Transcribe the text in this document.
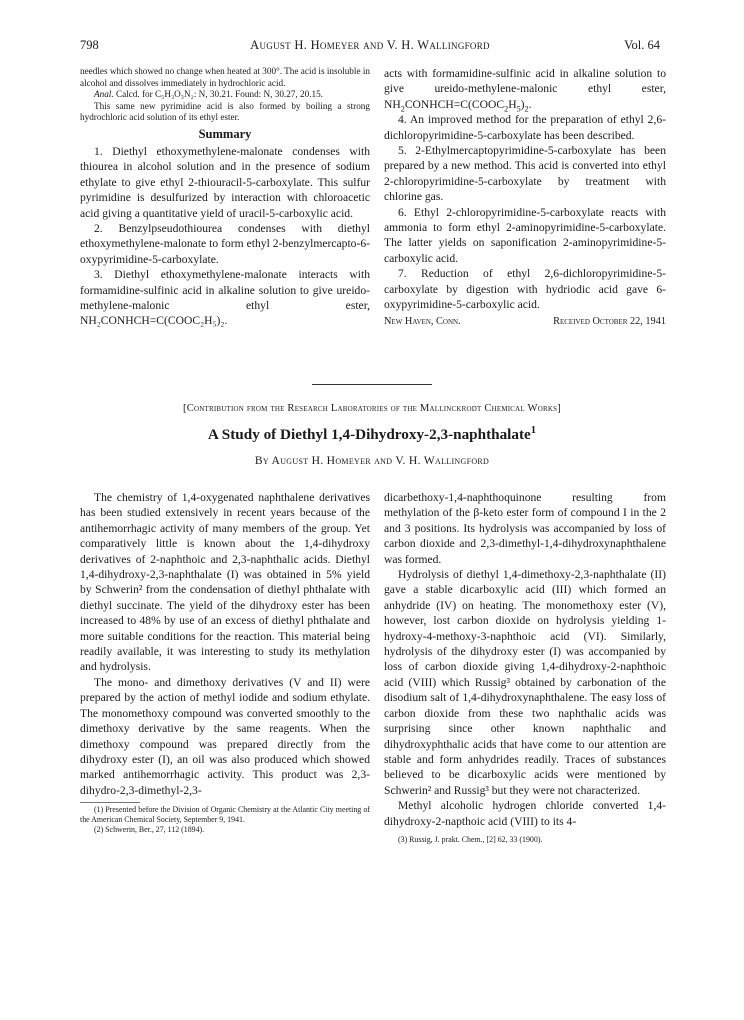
798	August H. Homeyer and V. H. Wallingford	Vol. 64

needles which showed no change when heated at 300°. The acid is insoluble in alcohol and dissolves immediately in hydrochloric acid.

Anal. Calcd. for C₅H₃O₃N₂: N, 30.21. Found: N, 30.27, 20.15.

This same new pyrimidine acid is also formed by boiling a strong hydrochloric acid solution of its ethyl ester.

Summary

1. Diethyl ethoxymethylene-malonate condenses with thiourea in alcohol solution and in the presence of sodium ethylate to give ethyl 2-thiouracil-5-carboxylate. This sulfur pyrimidine is desulfurized by interaction with chloroacetic acid giving a quantitative yield of uracil-5-carboxylic acid.

2. Benzylpseudothiourea condenses with diethyl ethoxymethylene-malonate to form ethyl 2-benzylmercapto-6-oxypyrimidine-5-carboxylate.

3. Diethyl ethoxymethylene-malonate interacts with formamidine-sulfinic acid in alkaline solution to give ureido-methylene-malonic ethyl ester, NH₂CONHCH=C(COOC₂H₅)₂.

acts with formamidine-sulfinic acid in alkaline solution to give ureido-methylene-malonic ethyl ester, $NH_2CONHCH=C(COOC_2H_5)_2$.

4. An improved method for the preparation of ethyl 2,6-dichloropyrimidine-5-carboxylate has been described.

5. 2-Ethylmercaptopyrimidine-5-carboxylate has been prepared by a new method. This acid is converted into ethyl 2-chloropyrimidine-5-carboxylate by treatment with chlorine gas.

6. Ethyl 2-chloropyrimidine-5-carboxylate reacts with ammonia to form ethyl 2-aminopyrimidine-5-carboxylate. The latter yields on saponification 2-aminopyrimidine-5-carboxylic acid.

7. Reduction of ethyl 2,6-dichloropyrimidine-5-carboxylate by digestion with hydriodic acid gave 6-oxypyrimidine-5-carboxylic acid.

New Haven, Conn.	Received October 22, 1941
[Contribution from the Research Laboratories of the Mallinckrodt Chemical Works]
A Study of Diethyl 1,4-Dihydroxy-2,3-naphthalate$^1$
By August H. Homeyer and V. H. Wallingford

The chemistry of 1,4-oxygenated naphthalene derivatives has been studied extensively in recent years because of the antihemorrhagic activity of many members of the group. Yet comparatively little is known about the 1,4-dihydroxy derivatives of 2-naphthoic and 2,3-naphthalic acids. Diethyl 1,4-dihydroxy-2,3-naphthalate (I) was obtained in 5% yield by Schwerin² from the condensation of diethyl phthalate with diethyl succinate. The yield of the dihydroxy ester has been increased to 48% by use of an excess of diethyl phthalate and more suitable conditions for the reaction. This material being readily available, it was interesting to study its methylation and hydrolysis.

The mono- and dimethoxy derivatives (V and II) were prepared by the action of methyl iodide and sodium ethylate. The monomethoxy compound was converted smoothly to the dimethoxy derivative by the same reagents. When the dimethoxy compound was prepared directly from the dihydroxy ester (I), an oil was also produced which showed marked antihemorrhagic activity. This product was 2,3-dihydro-2,3-dimethyl-2,3-

(1) Presented before the Division of Organic Chemistry at the Atlantic City meeting of the American Chemical Society, September 9, 1941.

(2) Schwerin, Ber., 27, 112 (1894).

dicarbethoxy-1,4-naphthoquinone resulting from methylation of the β-keto ester form of compound I in the 2 and 3 positions. Its hydrolysis was accompanied by loss of carbon dioxide and 2,3-dimethyl-1,4-dihydroxynaphthalene was formed.

Hydrolysis of diethyl 1,4-dimethoxy-2,3-naphthalate (II) gave a stable dicarboxylic acid (III) which formed an anhydride (IV) on heating. The monomethoxy ester (V), however, lost carbon dioxide on hydrolysis yielding 1-hydroxy-4-methoxy-3-naphthoic acid (VI). Similarly, hydrolysis of the dihydroxy ester (I) was accompanied by loss of carbon dioxide giving 1,4-dihydroxy-2-naphthoic acid (VIII) which Russig³ obtained by carbonation of the disodium salt of 1,4-dihydroxynaphthalene. The easy loss of carbon dioxide from these two naphthalic acids was surprising since other known naphthalic and dihydroxyphthalic acids that have come to our attention are stable and form anhydrides readily. Traces of substances believed to be dicarboxylic acids were mentioned by Schwerin² and Russig³ but they were not characterized.

Methyl alcoholic hydrogen chloride converted 1,4-dihydroxy-2-napthoic acid (VIII) to its 4-

(3) Russig, J. prakt. Chem., [2] 62, 33 (1900).
